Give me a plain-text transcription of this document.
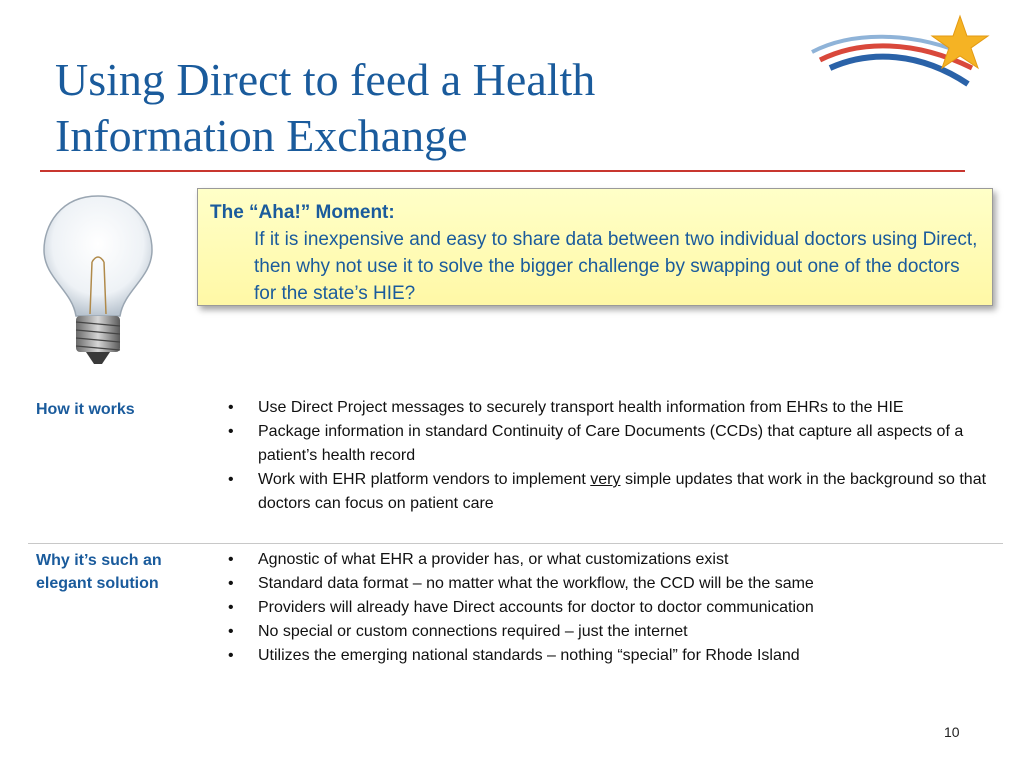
Using Direct to feed a Health
Information Exchange
The “Aha!” Moment:
If it is inexpensive and easy to share data between two individual doctors using Direct, then why not use it to solve the bigger challenge by swapping out one of the doctors for the state’s HIE?
How it works
•	Use Direct Project messages to securely transport health information from EHRs to the HIE
• Package information in standard Continuity of Care Documents (CCDs) that capture all aspects of a patient’s health record
• Work with EHR platform vendors to implement very simple updates that work in the background so that doctors can focus on patient care
Why it’s such an elegant solution
• Agnostic of what EHR a provider has, or what customizations exist
• Standard data format – no matter what the workflow, the CCD will be the same
• Providers will already have Direct accounts for doctor to doctor communication
• No special or custom connections required – just the internet
• Utilizes the emerging national standards – nothing “special” for Rhode Island
10
